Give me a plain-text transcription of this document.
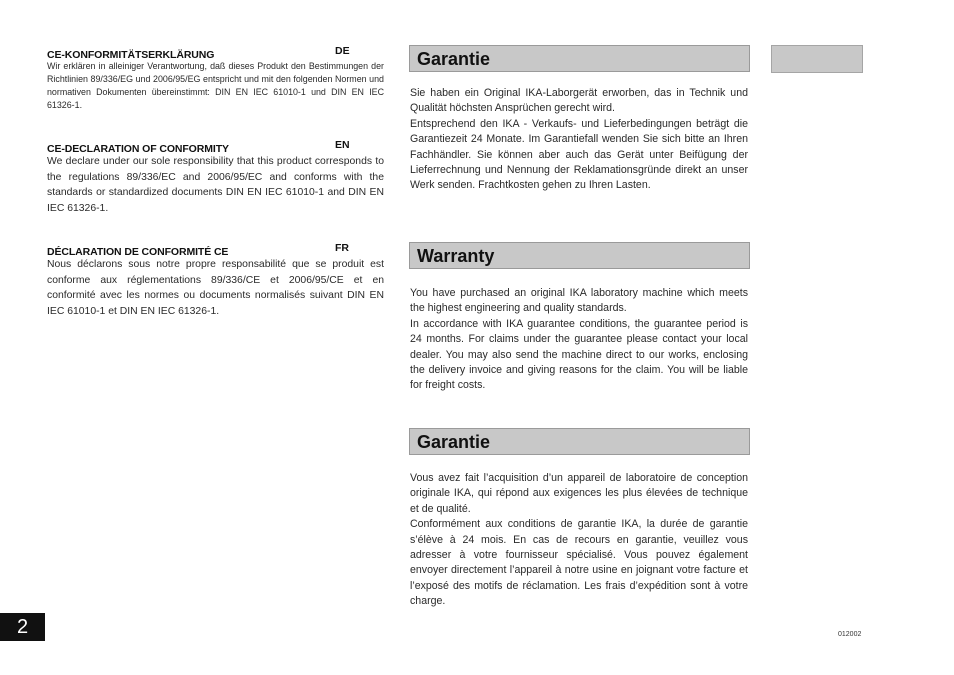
CE-KONFORMITÄTSERKLÄRUNG	DE
Wir erklären in alleiniger Verantwortung, daß dieses Produkt den Bestimmungen der Richtlinien 89/336/EG und 2006/95/EG entspricht und mit den folgenden Normen und normativen Dokumenten übereinstimmt: DIN EN IEC 61010-1 und DIN EN IEC 61326-1.
CE-DECLARATION OF CONFORMITY	EN
We declare under our sole responsibility that this product corresponds to the regulations 89/336/EC and 2006/95/EC and conforms with the standards or standardized documents DIN EN IEC 61010-1 and DIN EN IEC 61326-1.
DÉCLARATION DE CONFORMITÉ CE	FR
Nous déclarons sous notre propre responsabilité que se produit est conforme aux réglementations 89/336/CE et 2006/95/CE et en conformité avec les normes ou documents normalisés suivant DIN EN IEC 61010-1 et DIN EN IEC 61326-1.
Garantie

Sie haben ein Original IKA-Laborgerät erworben, das in Technik und Qualität höchsten Ansprüchen gerecht wird.

Entsprechend den IKA - Verkaufs- und Lieferbedingungen beträgt die Garantiezeit 24 Monate. Im Garantiefall wenden Sie sich bitte an Ihren Fachhändler. Sie können aber auch das Gerät unter Beifügung der Lieferrechnung und Nennung der Reklamationsgründe direkt an unser Werk senden. Frachtkosten gehen zu Ihren Lasten.

Warranty

You have purchased an original IKA laboratory machine which meets the highest engineering and quality standards.

In accordance with IKA guarantee conditions, the guarantee period is 24 months. For claims under the guarantee please contact your local dealer. You may also send the machine direct to our works, enclosing the delivery invoice and giving reasons for the claim. You will be liable for freight costs.

Garantie

Vous avez fait l’acquisition d’un appareil de laboratoire de conception originale IKA, qui répond aux exigences les plus élevées de technique et de qualité.

Conformément aux conditions de garantie IKA, la durée de garantie s’élève à 24 mois. En cas de recours en garantie, veuillez vous adresser à votre fournisseur spécialisé. Vous pouvez également envoyer directement l’appareil à notre usine en joignant votre facture et l’exposé des motifs de réclamation. Les frais d’expédition sont à votre charge.

2	012002
